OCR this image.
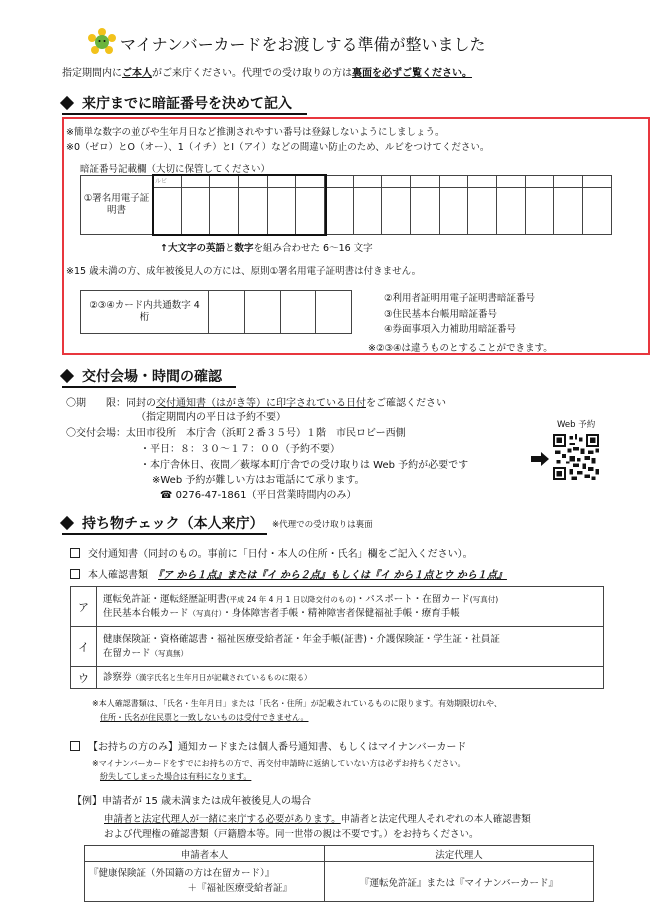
マイナンバーカードをお渡しする準備が整いました
指定期間内にご本人がご来庁ください。代理での受け取りの方は裏面を必ずご覧ください。
来庁までに暗証番号を決めて記入
※簡単な数字の並びや生年月日など推測されやすい番号は登録しないようにしましょう。
※0（ゼロ）とO（オー）、1（イチ）とI（アイ）などの間違い防止のため、ルビをつけてください。
暗証番号記載欄（大切に保管してください）
①署名用電子証明書	ルビ															

↑大文字の英語と数字を組み合わせた 6～16 文字
※15 歳未満の方、成年被後見人の方には、原則①署名用電子証明書は付きません。
②③④カード内共通数字 4 桁				
②利用者証明用電子証明書暗証番号
③住民基本台帳用暗証番号
④券面事項入力補助用暗証番号
※②③④は違うものとすることができます。
交付会場・時間の確認
〇期　　限：同封の交付通知書（はがき等）に印字されている日付をご確認ください
（指定期間内の平日は予約不要）
〇交付会場：太田市役所　本庁舎（浜町２番３５号）１階　市民ロビー西側
・平日：８：３０～１７：００（予約不要）
・本庁舎休日、夜間／薮塚本町庁舎での受け取りは Web 予約が必要です
※Web 予約が難しい方はお電話にて承ります。
☎ 0276-47-1861（平日営業時間内のみ）
Web 予約
持ち物チェック（本人来庁） ※代理での受け取りは裏面
交付通知書（同封のもの。事前に「日付・本人の住所・氏名」欄をご記入ください）。
本人確認書類　『ア から１点』または『イ から２点』もしくは『イ から１点とウ から１点』
ア	運転免許証・運転経歴証明書(平成 24 年 4 月 1 日以降交付のもの)・パスポート・在留カード(写真付)
住民基本台帳カード（写真付）・身体障害者手帳・精神障害者保健福祉手帳・療育手帳

イ	健康保険証・資格確認書・福祉医療受給者証・年金手帳(証書)・介護保険証・学生証・社員証
在留カード（写真無）

ウ	診察券（漢字氏名と生年月日が記載されているものに限る）
※本人確認書類は、「氏名・生年月日」または「氏名・住所」が記載されているものに限ります。有効期限切れや、
住所・氏名が住民票と一致しないものは受付できません。
【お持ちの方のみ】通知カードまたは個人番号通知書、もしくはマイナンバーカード
※マイナンバーカードをすでにお持ちの方で、再交付申請時に返納していない方は必ずお持ちください。
紛失してしまった場合は有料になります。
【例】申請者が 15 歳未満または成年被後見人の場合
申請者と法定代理人が一緒に来庁する必要があります。申請者と法定代理人それぞれの本人確認書類
および代理権の確認書類（戸籍謄本等。同一世帯の親は不要です。）をお持ちください。
申請者本人	法定代理人

『健康保険証（外国籍の方は在留カード）』
＋『福祉医療受給者証』	『運転免許証』または『マイナンバーカード』
